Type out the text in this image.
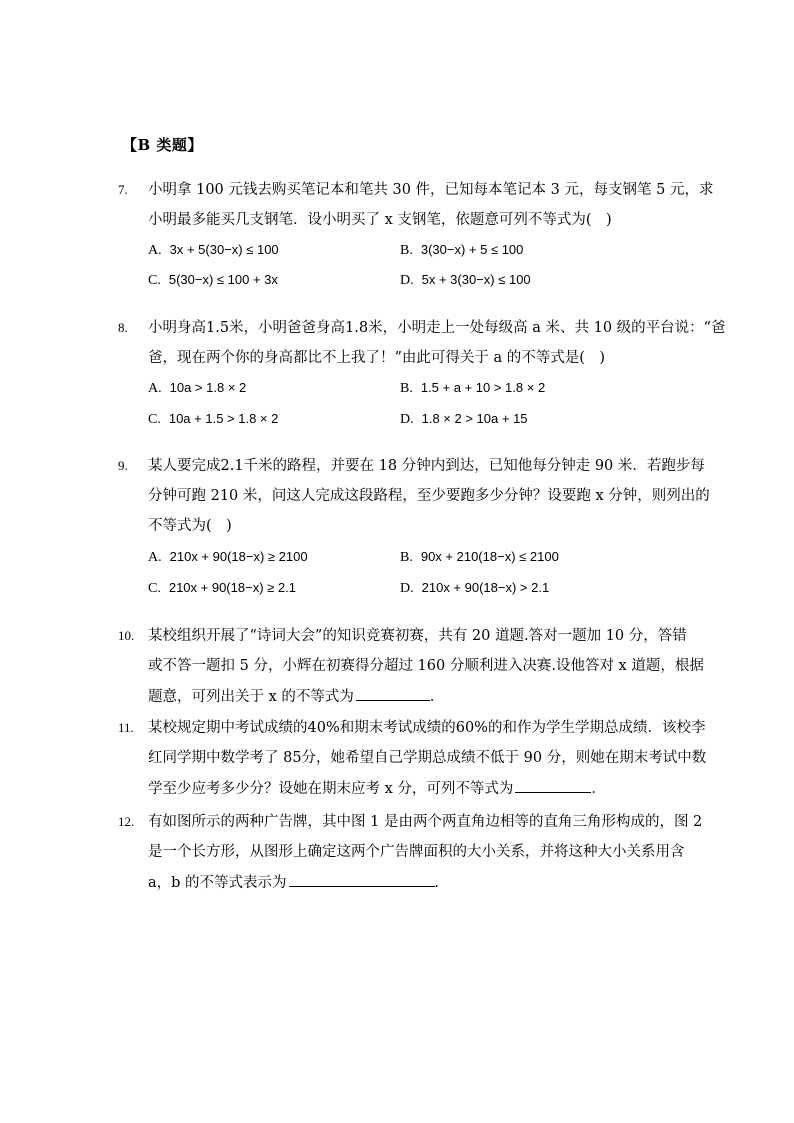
【B 类题】
7. 小明拿 100 元钱去购买笔记本和笔共 30 件，已知每本笔记本 3 元，每支钢笔 5 元，求
小明最多能买几支钢笔．设小明买了 x 支钢笔，依题意可列不等式为(　)
A. 3x + 5(30−x) ≤ 100	B. 3(30−x) + 5 ≤ 100
C. 5(30−x) ≤ 100 + 3x	D. 5x + 3(30−x) ≤ 100
8. 小明身高1.5米，小明爸爸身高1.8米，小明走上一处每级高 a 米、共 10 级的平台说：“爸
爸，现在两个你的身高都比不上我了！”由此可得关于 a 的不等式是(　)
A. 10a > 1.8 × 2	B. 1.5 + a + 10 > 1.8 × 2
C. 10a + 1.5 > 1.8 × 2	D. 1.8 × 2 > 10a + 15
9. 某人要完成2.1千米的路程，并要在 18 分钟内到达，已知他每分钟走 90 米．若跑步每
分钟可跑 210 米，问这人完成这段路程，至少要跑多少分钟？设要跑 x 分钟，则列出的
不等式为(　)
A. 210x + 90(18−x) ≥ 2100	B. 90x + 210(18−x) ≤ 2100
C. 210x + 90(18−x) ≥ 2.1	D. 210x + 90(18−x) > 2.1
10. 某校组织开展了“诗词大会”的知识竞赛初赛，共有 20 道题.答对一题加 10 分，答错
或不答一题扣 5 分，小辉在初赛得分超过 160 分顺利进入决赛.设他答对 x 道题，根据
题意，可列出关于 x 的不等式为	．
11. 某校规定期中考试成绩的40%和期末考试成绩的60%的和作为学生学期总成绩．该校李
红同学期中数学考了 85分，她希望自己学期总成绩不低于 90 分，则她在期末考试中数
学至少应考多少分？设她在期末应考 x 分，可列不等式为	．
12. 有如图所示的两种广告牌，其中图 1 是由两个两直角边相等的直角三角形构成的，图 2
是一个长方形，从图形上确定这两个广告牌面积的大小关系，并将这种大小关系用含
a，b 的不等式表示为	．
